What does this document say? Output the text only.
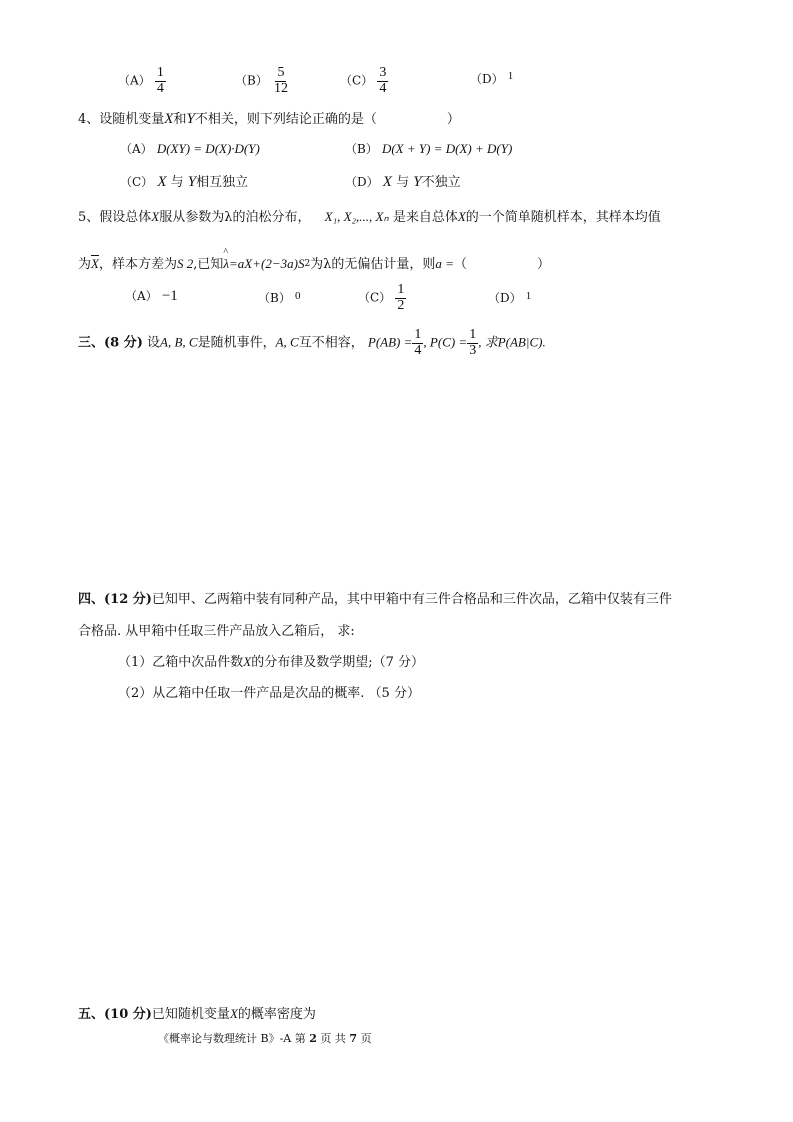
$(A) \frac{1}{4}$	$(B) \frac{5}{12}$	$(C) \frac{3}{4}$	（D） $^1$
4、设随机变量X和Y不相关，则下列结论正确的是（	）
（A） D(XY) = D(X)·D(Y)	（B） D(X + Y) = D(X) + D(Y)
（C） X 与 Y相互独立	（D） X 与 Y不独立
5、假设总体X服从参数为λ的泊松分布， X₁, X₂,..., Xₙ 是来自总体X的一个简单随机样本，其样本均值
为$\overline{X}$，样本方差为S 2,已知^ $\lambda=aX+(2-3a)S^2$为λ的无偏估计量，则a =（	）
（A） −1	（B） $^0$	$(C) \frac{1}{2}$	（D） $^1$
三、(8 分) 设A, B, C是随机事件，A, C互不相容， $P(AB) = \frac{1}{4}$ , $P(C) = \frac{1}{3}$ , 求P(AB|C).
四、(12 分)已知甲、乙两箱中装有同种产品，其中甲箱中有三件合格品和三件次品，乙箱中仅装有三件
合格品. 从甲箱中任取三件产品放入乙箱后， 求:
（1）乙箱中次品件数X的分布律及数学期望;（7 分）
（2）从乙箱中任取一件产品是次品的概率. （5 分）
五、(10 分)已知随机变量X的概率密度为
《概率论与数理统计 B》-A 第 2 页 共 7 页
